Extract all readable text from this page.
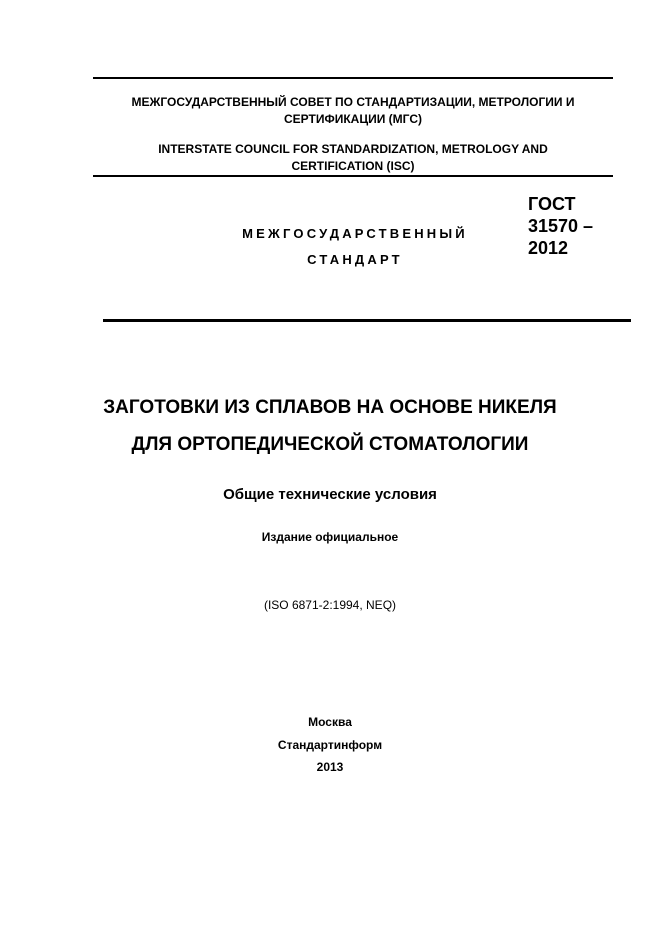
МЕЖГОСУДАРСТВЕННЫЙ СОВЕТ ПО СТАНДАРТИЗАЦИИ, МЕТРОЛОГИИ И
СЕРТИФИКАЦИИ (МГС)
INTERSTATE COUNCIL FOR STANDARDIZATION, METROLOGY AND
CERTIFICATION (ISC)
МЕЖГОСУДАРСТВЕННЫЙ
СТАНДАРТ
ГОСТ
31570 –
2012
ЗАГОТОВКИ ИЗ СПЛАВОВ НА ОСНОВЕ НИКЕЛЯ
ДЛЯ ОРТОПЕДИЧЕСКОЙ СТОМАТОЛОГИИ
Общие технические условия
Издание официальное
(ISO 6871-2:1994, NEQ)
Москва
Стандартинформ
2013
